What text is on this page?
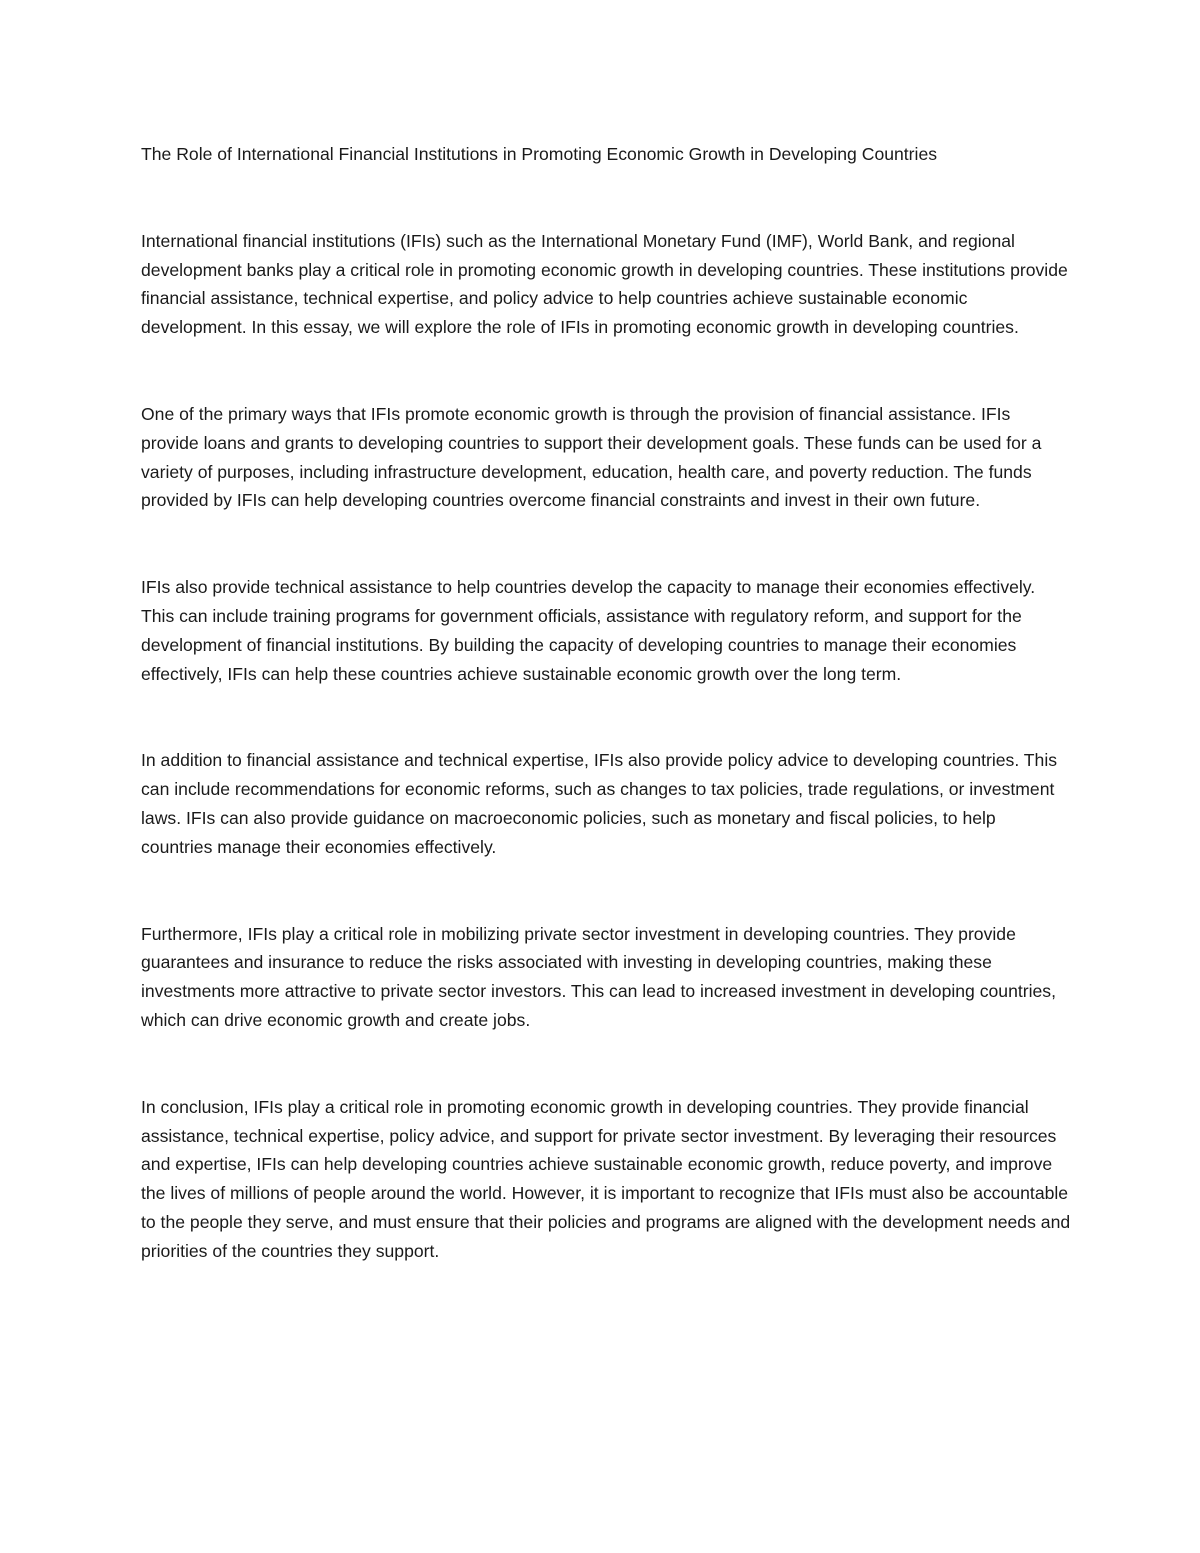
The Role of International Financial Institutions in Promoting Economic Growth in Developing Countries

International financial institutions (IFIs) such as the International Monetary Fund (IMF), World Bank, and regional development banks play a critical role in promoting economic growth in developing countries. These institutions provide financial assistance, technical expertise, and policy advice to help countries achieve sustainable economic development. In this essay, we will explore the role of IFIs in promoting economic growth in developing countries.

One of the primary ways that IFIs promote economic growth is through the provision of financial assistance. IFIs provide loans and grants to developing countries to support their development goals. These funds can be used for a variety of purposes, including infrastructure development, education, health care, and poverty reduction. The funds provided by IFIs can help developing countries overcome financial constraints and invest in their own future.

IFIs also provide technical assistance to help countries develop the capacity to manage their economies effectively. This can include training programs for government officials, assistance with regulatory reform, and support for the development of financial institutions. By building the capacity of developing countries to manage their economies effectively, IFIs can help these countries achieve sustainable economic growth over the long term.

In addition to financial assistance and technical expertise, IFIs also provide policy advice to developing countries. This can include recommendations for economic reforms, such as changes to tax policies, trade regulations, or investment laws. IFIs can also provide guidance on macroeconomic policies, such as monetary and fiscal policies, to help countries manage their economies effectively.

Furthermore, IFIs play a critical role in mobilizing private sector investment in developing countries. They provide guarantees and insurance to reduce the risks associated with investing in developing countries, making these investments more attractive to private sector investors. This can lead to increased investment in developing countries, which can drive economic growth and create jobs.

In conclusion, IFIs play a critical role in promoting economic growth in developing countries. They provide financial assistance, technical expertise, policy advice, and support for private sector investment. By leveraging their resources and expertise, IFIs can help developing countries achieve sustainable economic growth, reduce poverty, and improve the lives of millions of people around the world. However, it is important to recognize that IFIs must also be accountable to the people they serve, and must ensure that their policies and programs are aligned with the development needs and priorities of the countries they support.
